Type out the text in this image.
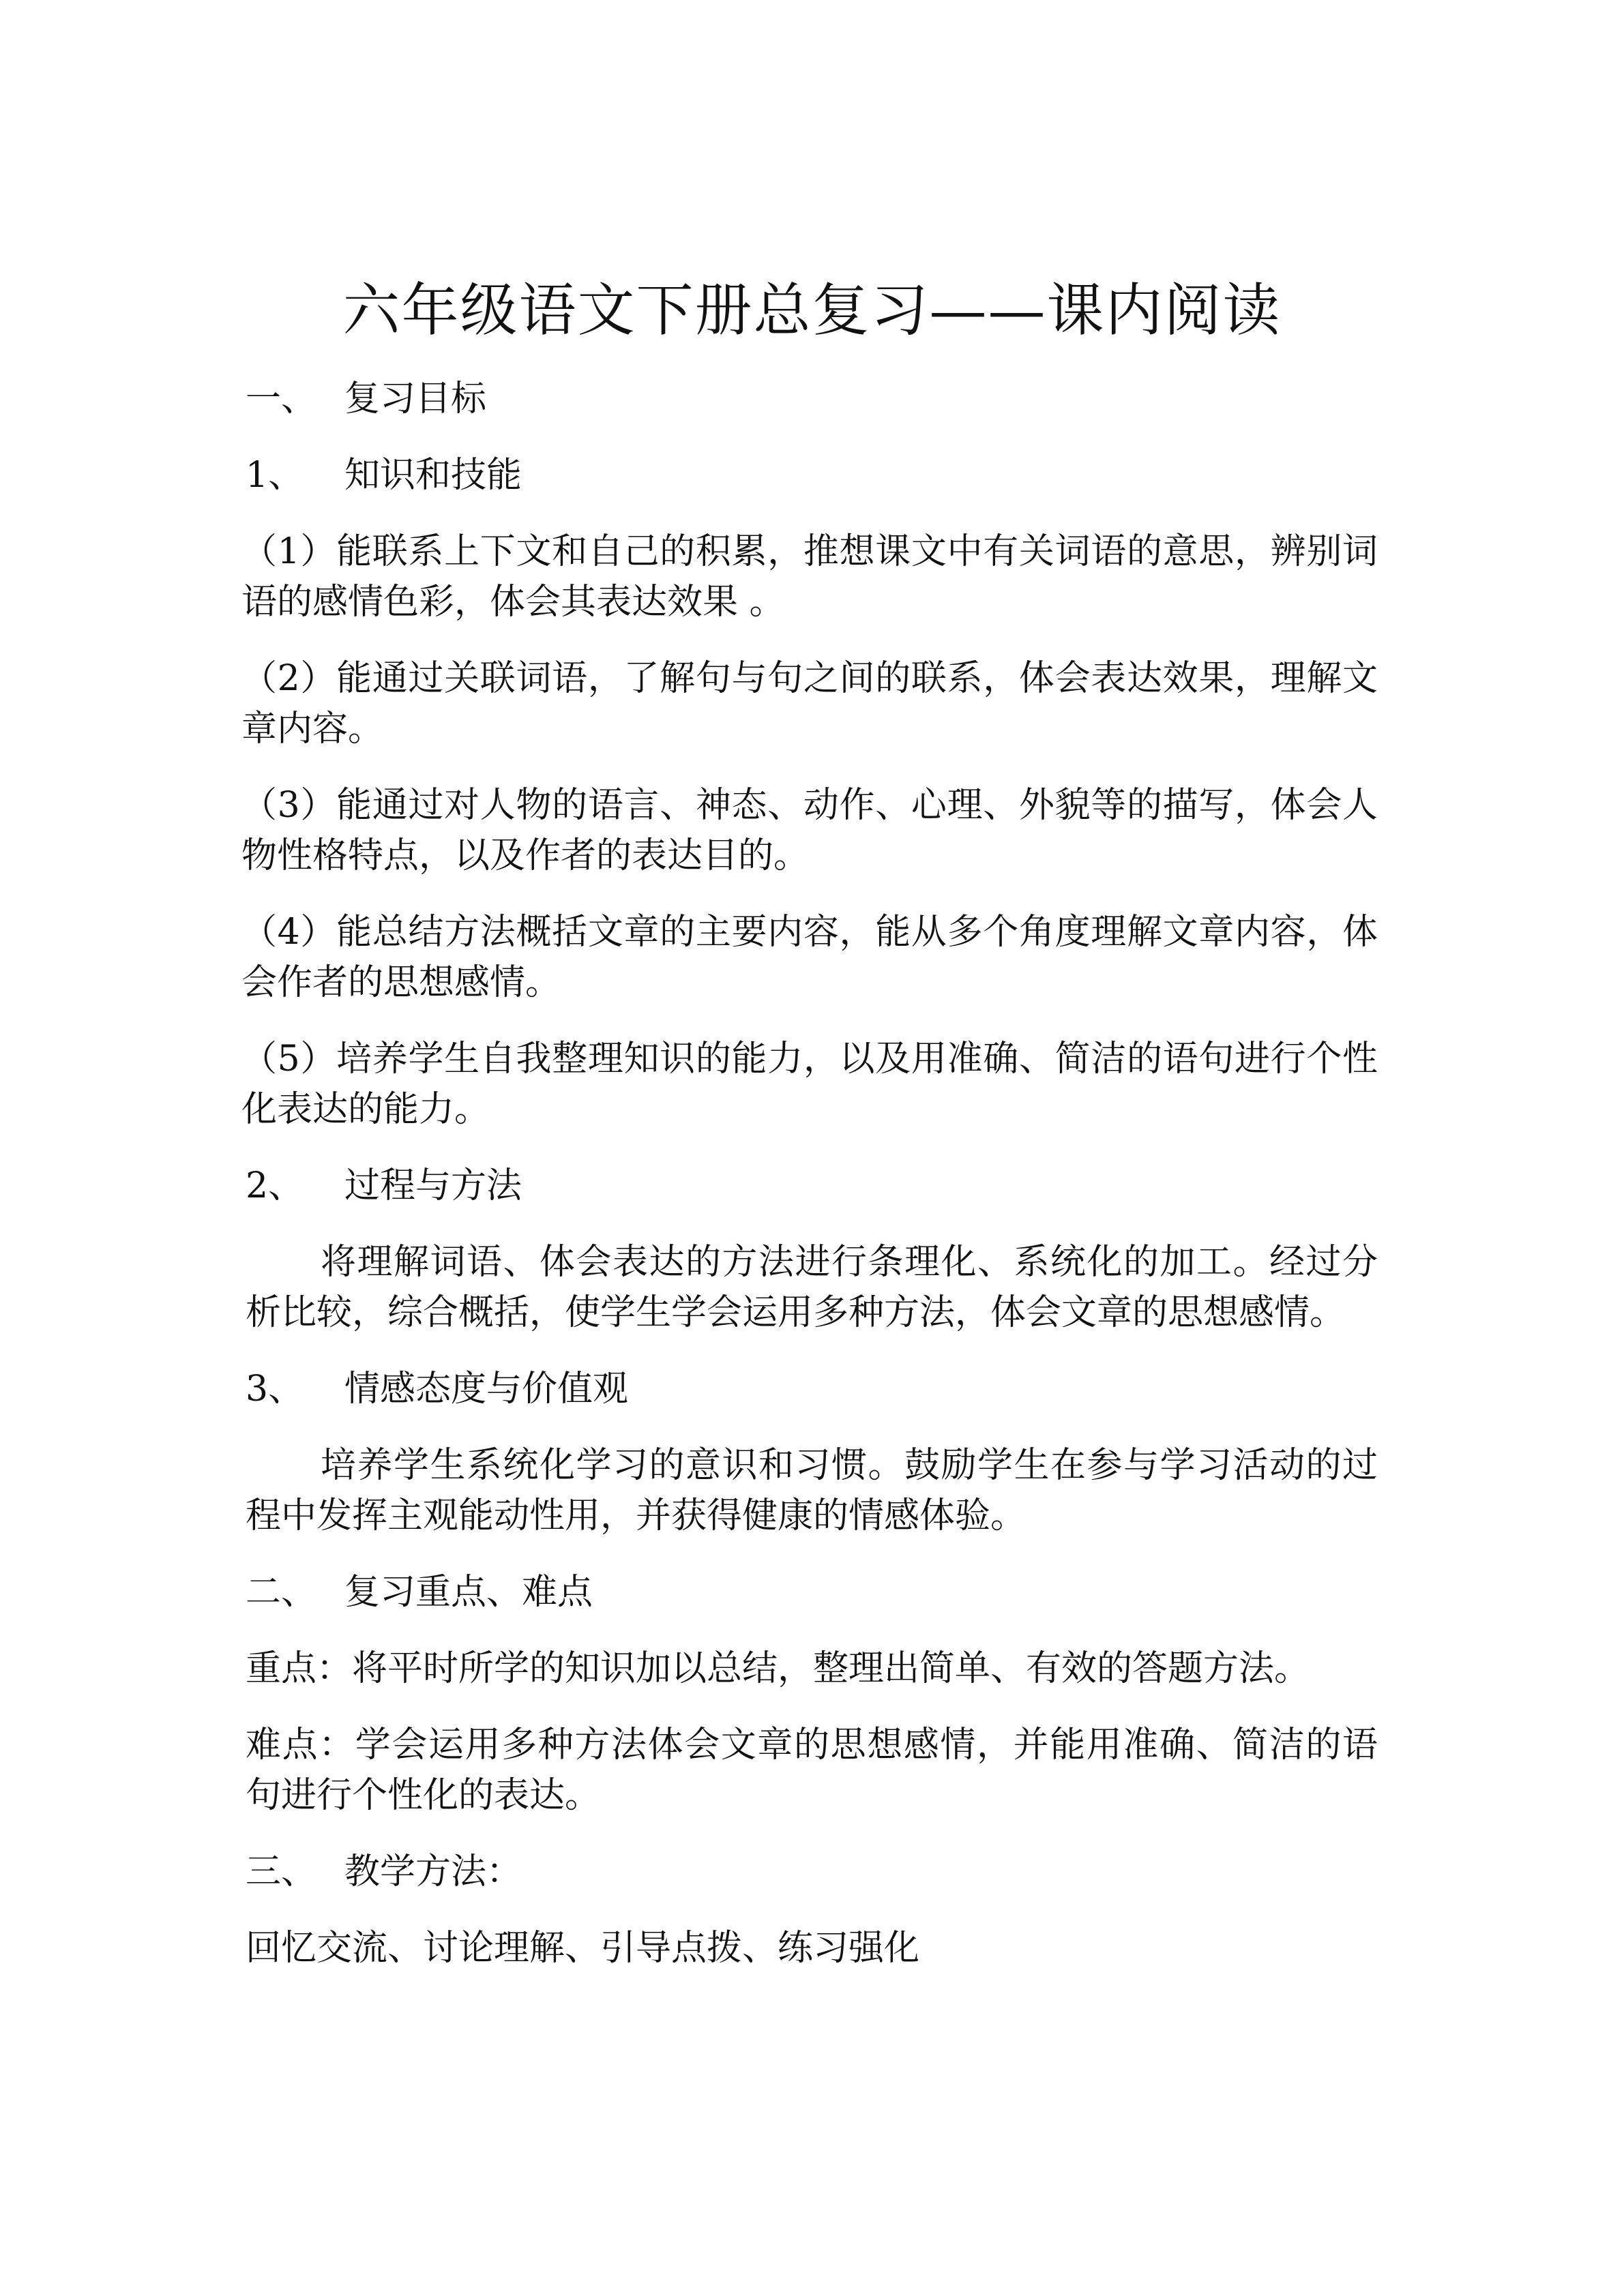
六年级语文下册总复习——课内阅读

一、 复习目标

1、 知识和技能

（1）能联系上下文和自己的积累，推想课文中有关词语的意思，辨别词语的感情色彩，体会其表达效果 。

（2）能通过关联词语，了解句与句之间的联系，体会表达效果，理解文章内容。

（3）能通过对人物的语言、神态、动作、心理、外貌等的描写，体会人物性格特点，以及作者的表达目的。

（4）能总结方法概括文章的主要内容，能从多个角度理解文章内容，体会作者的思想感情。

（5）培养学生自我整理知识的能力，以及用准确、简洁的语句进行个性化表达的能力。

2、 过程与方法

将理解词语、体会表达的方法进行条理化、系统化的加工。经过分析比较，综合概括，使学生学会运用多种方法，体会文章的思想感情。

3、 情感态度与价值观

培养学生系统化学习的意识和习惯。鼓励学生在参与学习活动的过程中发挥主观能动性用，并获得健康的情感体验。

二、 复习重点、难点

重点：将平时所学的知识加以总结，整理出简单、有效的答题方法。

难点：学会运用多种方法体会文章的思想感情，并能用准确、简洁的语句进行个性化的表达。

三、 教学方法：

回忆交流、讨论理解、引导点拨、练习强化
